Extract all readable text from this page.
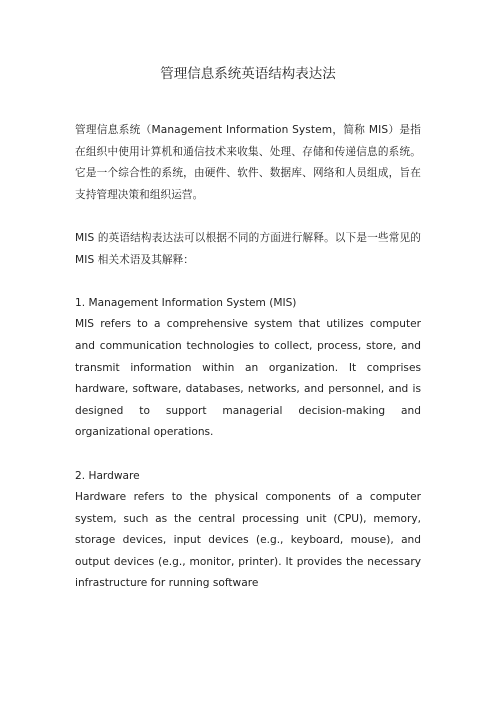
管理信息系统英语结构表达法

管理信息系统（Management Information System，简称 MIS）是指在组织中使用计算机和通信技术来收集、处理、存储和传递信息的系统。它是一个综合性的系统，由硬件、软件、数据库、网络和人员组成，旨在支持管理决策和组织运营。

MIS 的英语结构表达法可以根据不同的方面进行解释。以下是一些常见的 MIS 相关术语及其解释：

1. Management Information System (MIS)

MIS refers to a comprehensive system that utilizes computer and communication technologies to collect, process, store, and transmit information within an organization. It comprises hardware, software, databases, networks, and personnel, and is designed to support managerial decision-making and organizational operations.

2. Hardware

Hardware refers to the physical components of a computer system, such as the central processing unit (CPU), memory, storage devices, input devices (e.g., keyboard, mouse), and output devices (e.g., monitor, printer). It provides the necessary infrastructure for running software
